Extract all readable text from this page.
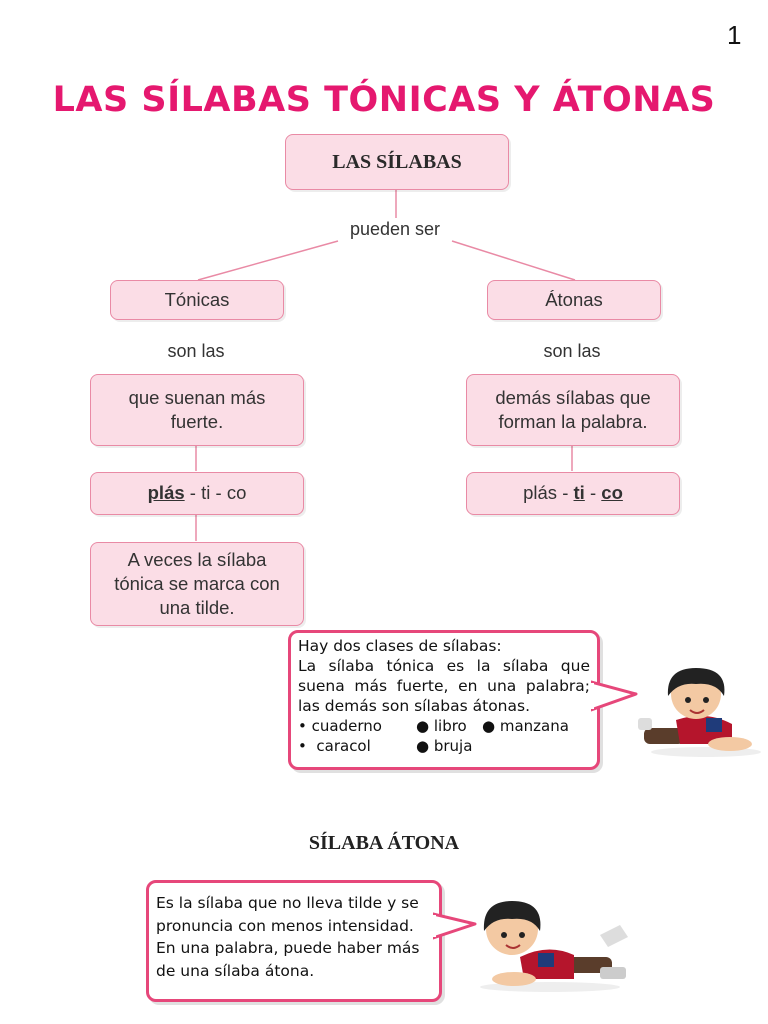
1
LAS SÍLABAS TÓNICAS Y ÁTONAS
LAS SÍLABAS
pueden ser
Tónicas
son las
que suenan más fuerte.
plás - ti - co
A veces la sílaba tónica se marca con una tilde.
Átonas
son las
demás sílabas que forman la palabra.
plás - ti - co
Hay dos clases de sílabas:
La sílaba tónica es la sílaba que suena más fuerte, en una palabra; las demás son sílabas átonas.
• cuaderno	● libro	● manzana
•  caracol	● bruja
SÍLABA ÁTONA
Es la sílaba que no lleva tilde y se pronuncia con menos intensidad. En una palabra, puede haber más de una sílaba átona.
